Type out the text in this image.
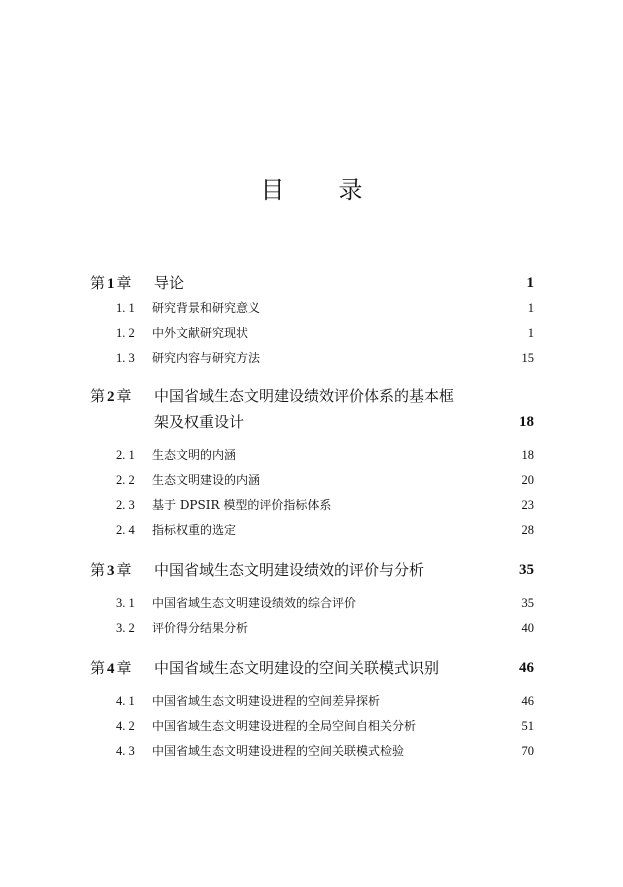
目录
第 1 章 导论	1
1. 1 研究背景和研究意义	1
1. 2 中外文献研究现状	1
1. 3 研究内容与研究方法	15
第 2 章 中国省域生态文明建设绩效评价体系的基本框架及权重设计	18
2. 1 生态文明的内涵	18
2. 2 生态文明建设的内涵	20
2. 3 基于 DPSIR 模型的评价指标体系	23
2. 4 指标权重的选定	28
第 3 章 中国省域生态文明建设绩效的评价与分析	35
3. 1 中国省域生态文明建设绩效的综合评价	35
3. 2 评价得分结果分析	40
第 4 章 中国省域生态文明建设的空间关联模式识别	46
4. 1 中国省域生态文明建设进程的空间差异探析	46
4. 2 中国省域生态文明建设进程的全局空间自相关分析	51
4. 3 中国省域生态文明建设进程的空间关联模式检验	70
